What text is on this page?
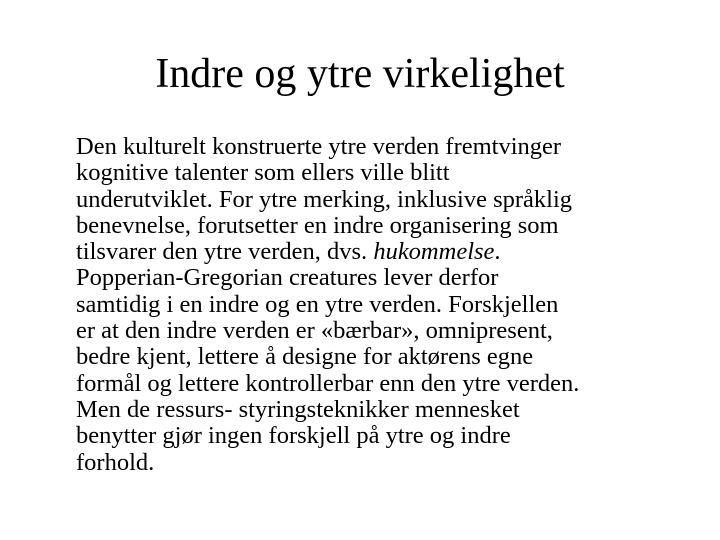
Indre og ytre virkelighet
Den kulturelt konstruerte ytre verden fremtvinger
kognitive talenter som ellers ville blitt
underutviklet. For ytre merking, inklusive språklig
benevnelse, forutsetter en indre organisering som
tilsvarer den ytre verden, dvs. hukommelse.
Popperian-Gregorian creatures lever derfor
samtidig i en indre og en ytre verden. Forskjellen
er at den indre verden er «bærbar», omnipresent,
bedre kjent, lettere å designe for aktørens egne
formål og lettere kontrollerbar enn den ytre verden.
Men de ressurs- styringsteknikker mennesket
benytter gjør ingen forskjell på ytre og indre
forhold.
